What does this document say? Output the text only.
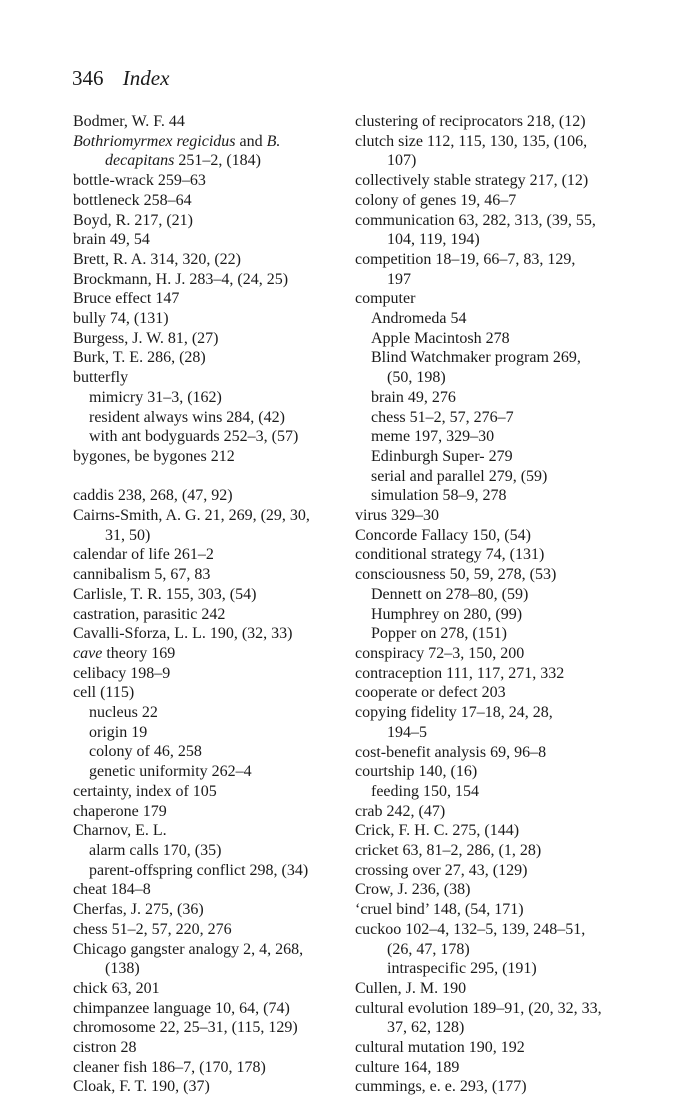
346 Index
Bodmer, W. F. 44
Bothriomyrmex regicidus and B.
decapitans 251–2, (184)
bottle-wrack 259–63
bottleneck 258–64
Boyd, R. 217, (21)
brain 49, 54
Brett, R. A. 314, 320, (22)
Brockmann, H. J. 283–4, (24, 25)
Bruce effect 147
bully 74, (131)
Burgess, J. W. 81, (27)
Burk, T. E. 286, (28)
butterfly
mimicry 31–3, (162)
resident always wins 284, (42)
with ant bodyguards 252–3, (57)
bygones, be bygones 212
caddis 238, 268, (47, 92)
Cairns-Smith, A. G. 21, 269, (29, 30,
31, 50)
calendar of life 261–2
cannibalism 5, 67, 83
Carlisle, T. R. 155, 303, (54)
castration, parasitic 242
Cavalli-Sforza, L. L. 190, (32, 33)
cave theory 169
celibacy 198–9
cell (115)
nucleus 22
origin 19
colony of 46, 258
genetic uniformity 262–4
certainty, index of 105
chaperone 179
Charnov, E. L.
alarm calls 170, (35)
parent-offspring conflict 298, (34)
cheat 184–8
Cherfas, J. 275, (36)
chess 51–2, 57, 220, 276
Chicago gangster analogy 2, 4, 268,
(138)
chick 63, 201
chimpanzee language 10, 64, (74)
chromosome 22, 25–31, (115, 129)
cistron 28
cleaner fish 186–7, (170, 178)
Cloak, F. T. 190, (37)
clustering of reciprocators 218, (12)
clutch size 112, 115, 130, 135, (106,
107)
collectively stable strategy 217, (12)
colony of genes 19, 46–7
communication 63, 282, 313, (39, 55,
104, 119, 194)
competition 18–19, 66–7, 83, 129,
197
computer
Andromeda 54
Apple Macintosh 278
Blind Watchmaker program 269,
(50, 198)
brain 49, 276
chess 51–2, 57, 276–7
meme 197, 329–30
Edinburgh Super- 279
serial and parallel 279, (59)
simulation 58–9, 278
virus 329–30
Concorde Fallacy 150, (54)
conditional strategy 74, (131)
consciousness 50, 59, 278, (53)
Dennett on 278–80, (59)
Humphrey on 280, (99)
Popper on 278, (151)
conspiracy 72–3, 150, 200
contraception 111, 117, 271, 332
cooperate or defect 203
copying fidelity 17–18, 24, 28,
194–5
cost-benefit analysis 69, 96–8
courtship 140, (16)
feeding 150, 154
crab 242, (47)
Crick, F. H. C. 275, (144)
cricket 63, 81–2, 286, (1, 28)
crossing over 27, 43, (129)
Crow, J. 236, (38)
‘cruel bind’ 148, (54, 171)
cuckoo 102–4, 132–5, 139, 248–51,
(26, 47, 178)
intraspecific 295, (191)
Cullen, J. M. 190
cultural evolution 189–91, (20, 32, 33,
37, 62, 128)
cultural mutation 190, 192
culture 164, 189
cummings, e. e. 293, (177)
